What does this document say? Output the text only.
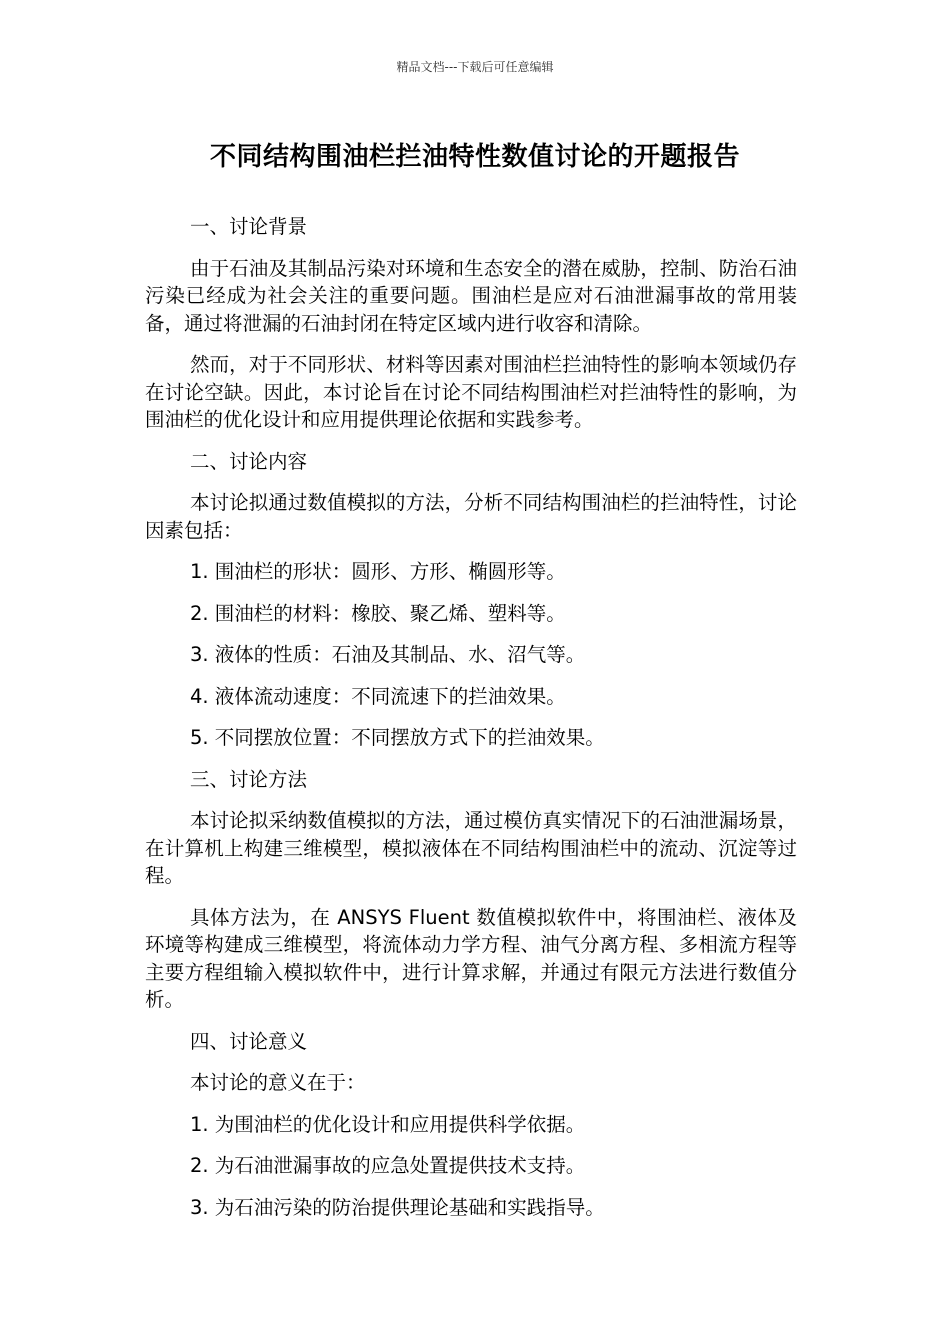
精品文档---下载后可任意编辑
不同结构围油栏拦油特性数值讨论的开题报告

一、讨论背景

由于石油及其制品污染对环境和生态安全的潜在威胁，控制、防治石油污染已经成为社会关注的重要问题。围油栏是应对石油泄漏事故的常用装备，通过将泄漏的石油封闭在特定区域内进行收容和清除。

然而，对于不同形状、材料等因素对围油栏拦油特性的影响本领域仍存在讨论空缺。因此，本讨论旨在讨论不同结构围油栏对拦油特性的影响，为围油栏的优化设计和应用提供理论依据和实践参考。

二、讨论内容

本讨论拟通过数值模拟的方法，分析不同结构围油栏的拦油特性，讨论因素包括：

1. 围油栏的形状：圆形、方形、椭圆形等。

2. 围油栏的材料：橡胶、聚乙烯、塑料等。

3. 液体的性质：石油及其制品、水、沼气等。

4. 液体流动速度：不同流速下的拦油效果。

5. 不同摆放位置：不同摆放方式下的拦油效果。

三、讨论方法

本讨论拟采纳数值模拟的方法，通过模仿真实情况下的石油泄漏场景，在计算机上构建三维模型，模拟液体在不同结构围油栏中的流动、沉淀等过程。

具体方法为，在 ANSYS Fluent 数值模拟软件中，将围油栏、液体及环境等构建成三维模型，将流体动力学方程、油气分离方程、多相流方程等主要方程组输入模拟软件中，进行计算求解，并通过有限元方法进行数值分析。

四、讨论意义

本讨论的意义在于：

1. 为围油栏的优化设计和应用提供科学依据。

2. 为石油泄漏事故的应急处置提供技术支持。

3. 为石油污染的防治提供理论基础和实践指导。
